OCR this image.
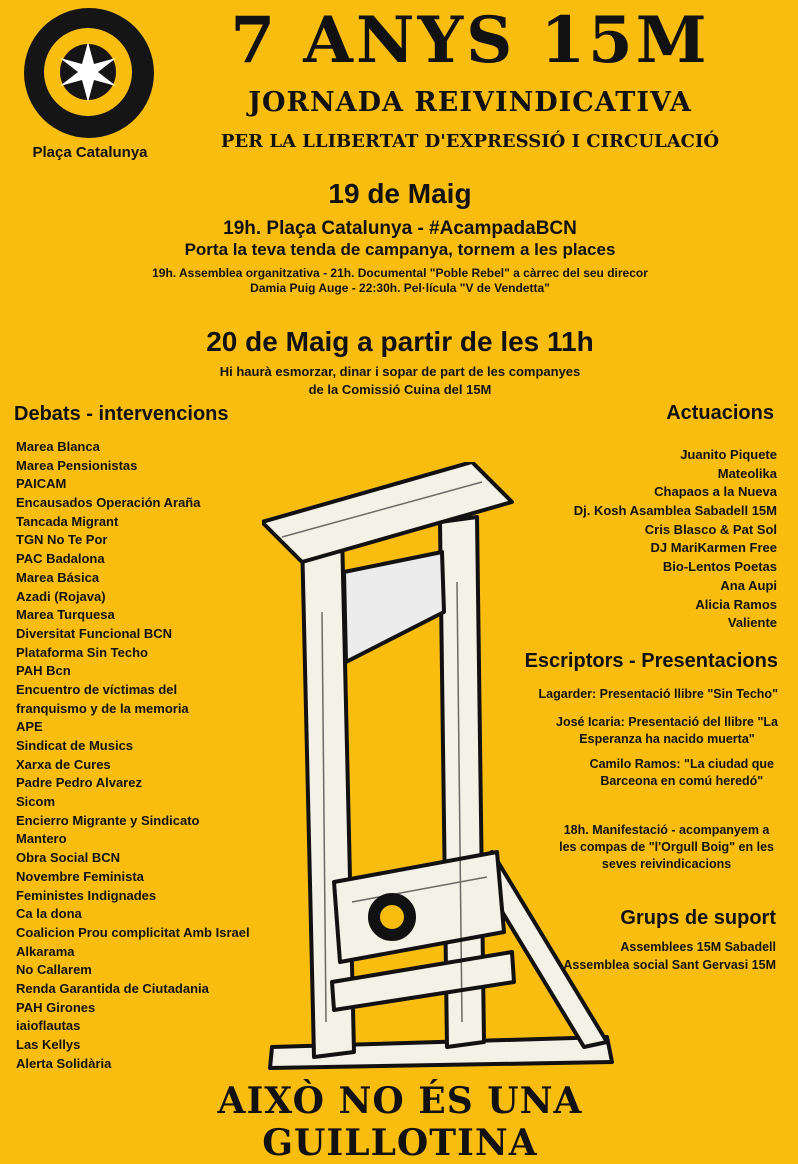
Plaça Catalunya
7 ANYS 15M
JORNADA REIVINDICATIVA
PER LA LLIBERTAT D'EXPRESSIÓ I CIRCULACIÓ
19 de Maig
19h. Plaça Catalunya - #AcampadaBCN
Porta la teva tenda de campanya, tornem a les places
19h. Assemblea organitzativa - 21h. Documental "Poble Rebel" a càrrec del seu direcor Damia Puig Auge - 22:30h. Pel·lícula "V de Vendetta"
20 de Maig a partir de les 11h
Hi haurà esmorzar, dinar i sopar de part de les companyes
de la Comissió Cuina del 15M
Debats - intervencions
Marea Blanca
Marea Pensionistas
PAICAM
Encausados Operación Araña
Tancada Migrant
TGN No Te Por
PAC Badalona
Marea Básica
Azadi (Rojava)
Marea Turquesa
Diversitat Funcional BCN
Plataforma Sin Techo
PAH Bcn
Encuentro de víctimas del
franquismo y de la memoria
APE
Sindicat de Musics
Xarxa de Cures
Padre Pedro Alvarez
Sicom
Encierro Migrante y Sindicato
Mantero
Obra Social BCN
Novembre Feminista
Feministes Indignades
Ca la dona
Coalicion Prou complicitat Amb Israel
Alkarama
No Callarem
Renda Garantida de Ciutadania
PAH Girones
iaioflautas
Las Kellys
Alerta Solidària
Actuacions
Juanito Piquete
Mateolika
Chapaos a la Nueva
Dj. Kosh Asamblea Sabadell 15M
Cris Blasco & Pat Sol
DJ MariKarmen Free
Bio-Lentos Poetas
Ana Aupi
Alicia Ramos
Valiente
Escriptors - Presentacions
Lagarder: Presentació llibre "Sin Techo"
José Icaria: Presentació del llibre "La
Esperanza ha nacido muerta"
Camilo Ramos: "La ciudad que
Barceona en comú heredó"
18h. Manifestació - acompanyem a
les compas de "l'Orgull Boig" en les
seves reivindicacions
Grups de suport
Assemblees 15M Sabadell
Assemblea social Sant Gervasi 15M
AIXÒ NO ÉS UNA GUILLOTINA
